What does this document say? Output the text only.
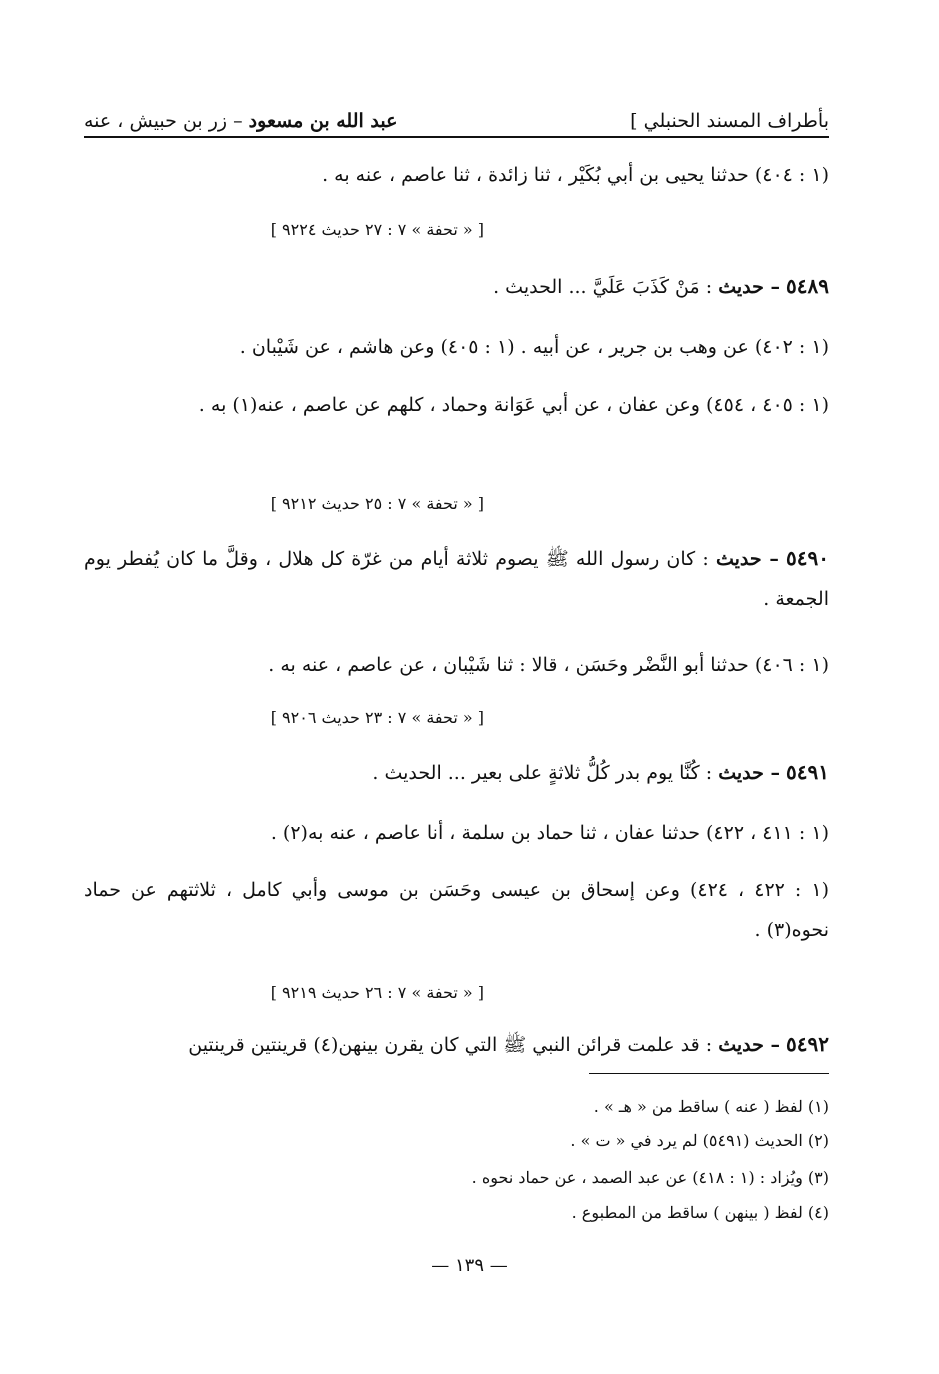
بأطراف المسند الحنبلي ]
عبد الله بن مسعود – زر بن حبيش ، عنه
(١ : ٤٠٤) حدثنا يحيى بن أبي بُكَيْر ، ثنا زائدة ، ثنا عاصم ، عنه به .
[ « تحفة » ٧ : ٢٧ حديث ٩٢٢٤ ]
٥٤٨٩ – حديث : مَنْ كَذَبَ عَلَيَّ ... الحديث .
(١ : ٤٠٢) عن وهب بن جرير ، عن أبيه . (١ : ٤٠٥) وعن هاشم ، عن شَيْبان .
(١ : ٤٠٥ ، ٤٥٤) وعن عفان ، عن أبي عَوَانة وحماد ، كلهم عن عاصم ، عنه(١) به .
[ « تحفة » ٧ : ٢٥ حديث ٩٢١٢ ]
٥٤٩٠ – حديث : كان رسول الله ﷺ يصوم ثلاثة أيام من غرّة كل هلال ، وقلَّ ما كان يُفطر يوم الجمعة .
(١ : ٤٠٦) حدثنا أبو النَّضْر وحَسَن ، قالا : ثنا شَيْبان ، عن عاصم ، عنه به .
[ « تحفة » ٧ : ٢٣ حديث ٩٢٠٦ ]
٥٤٩١ – حديث : كُنَّا يوم بدر كُلُّ ثلاثةٍ على بعير ... الحديث .
(١ : ٤١١ ، ٤٢٢) حدثنا عفان ، ثنا حماد بن سلمة ، أنا عاصم ، عنه به(٢) .
(١ : ٤٢٢ ، ٤٢٤) وعن إسحاق بن عيسى وحَسَن بن موسى وأبي كامل ، ثلاثتهم عن حماد نحوه(٣) .
[ « تحفة » ٧ : ٢٦ حديث ٩٢١٩ ]
٥٤٩٢ – حديث : قد علمت قرائن النبي ﷺ التي كان يقرن بينهن(٤) قرينتين قرينتين
(١) لفظ ( عنه ) ساقط من « هـ » .
(٢) الحديث (٥٤٩١) لم يرد في « ت » .
(٣) ويُزاد : (١ : ٤١٨) عن عبد الصمد ، عن حماد نحوه .
(٤) لفظ ( بينهن ) ساقط من المطبوع .
— ١٣٩ —
